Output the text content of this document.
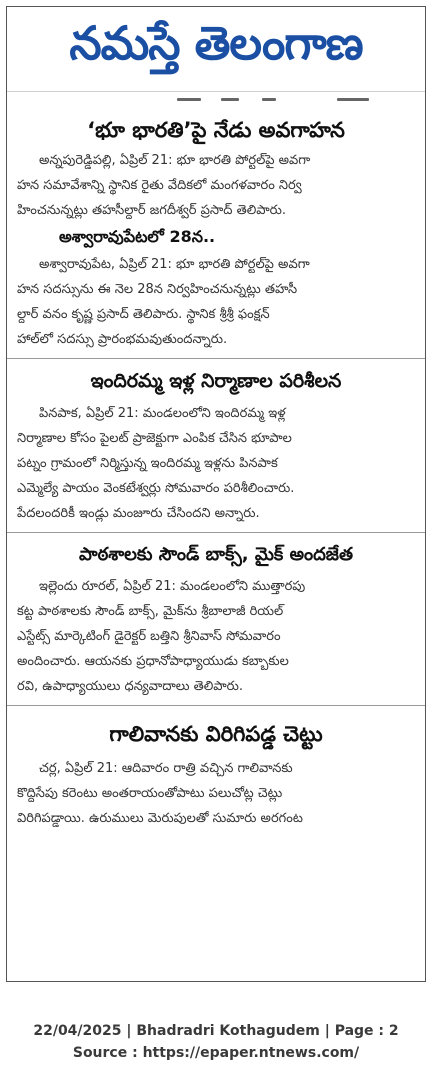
నమస్తే తెలంగాణ
‘భూ భారతి’పై నేడు అవగాహన
అన్నపురెడ్డిపల్లి, ఏప్రిల్ 21: భూ భారతి పోర్టల్‌పై అవగా
హన సమావేశాన్ని స్థానిక రైతు వేదికలో మంగళవారం నిర్వ
హించనున్నట్లు తహసీల్దార్ జగదీశ్వర్ ప్రసాద్ తెలిపారు.
అశ్వారావుపేటలో 28న..
అశ్వారావుపేట, ఏప్రిల్ 21: భూ భారతి పోర్టల్‌పై అవగా
హన సదస్సును ఈ నెల 28న నిర్వహించనున్నట్లు తహసీ
ల్దార్ వనం కృష్ణ ప్రసాద్ తెలిపారు. స్థానిక శ్రీశ్రీ ఫంక్షన్
హాల్‌లో సదస్సు ప్రారంభమవుతుందన్నారు.
ఇందిరమ్మ ఇళ్ల నిర్మాణాల పరిశీలన
పినపాక, ఏప్రిల్ 21: మండలంలోని ఇందిరమ్మ ఇళ్ల
నిర్మాణాల కోసం పైలట్ ప్రాజెక్టుగా ఎంపిక చేసిన భూపాల
పట్నం గ్రామంలో నిర్మిస్తున్న ఇందిరమ్మ ఇళ్లను పినపాక
ఎమ్మెల్యే పాయం వెంకటేశ్వర్లు సోమవారం పరిశీలించారు.
పేదలందరికీ ఇండ్లు మంజూరు చేసిందని అన్నారు.
పాఠశాలకు సౌండ్ బాక్స్, మైక్ అందజేత
ఇల్లెందు రూరల్, ఏప్రిల్ 21: మండలంలోని ముత్తారపు
కట్ట పాఠశాలకు సౌండ్ బాక్స్, మైక్‌ను శ్రీబాలాజీ రియల్
ఎస్టేట్స్ మార్కెటింగ్ డైరెక్టర్ బత్తిని శ్రీనివాస్ సోమవారం
అందించారు. ఆయనకు ప్రధానోపాధ్యాయుడు కబ్బాకుల
రవి, ఉపాధ్యాయులు ధన్యవాదాలు తెలిపారు.
గాలివానకు విరిగిపడ్డ చెట్టు
చర్ల, ఏప్రిల్ 21: ఆదివారం రాత్రి వచ్చిన గాలివానకు
కొద్దిసేపు కరెంటు అంతరాయంతోపాటు పలుచోట్ల చెట్లు
విరిగిపడ్డాయి. ఉరుములు మెరుపులతో సుమారు అరగంట
22/04/2025 | Bhadradri Kothagudem | Page : 2
Source : https://epaper.ntnews.com/
